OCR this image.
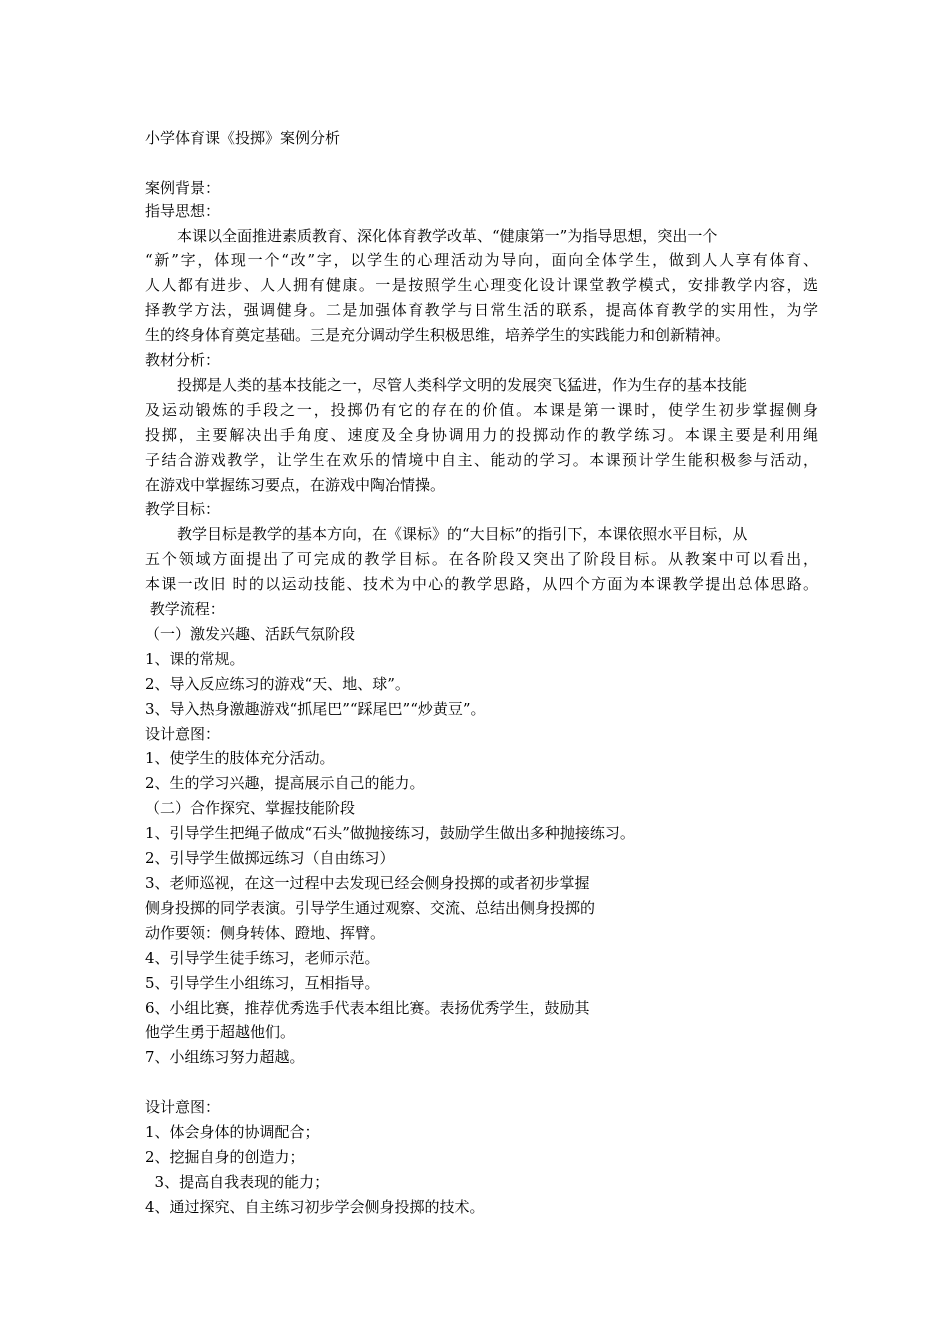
小学体育课《投掷》案例分析
案例背景：
指导思想：
本课以全面推进素质教育、深化体育教学改革、“健康第一”为指导思想，突出一个
“新”字，体现一个“改”字，以学生的心理活动为导向，面向全体学生，做到人人享有体育、
人人都有进步、人人拥有健康。一是按照学生心理变化设计课堂教学模式，安排教学内容，选
择教学方法，强调健身。二是加强体育教学与日常生活的联系，提高体育教学的实用性，为学
生的终身体育奠定基础。三是充分调动学生积极思维，培养学生的实践能力和创新精神。
教材分析：
投掷是人类的基本技能之一，尽管人类科学文明的发展突飞猛进，作为生存的基本技能
及运动锻炼的手段之一，投掷仍有它的存在的价值。本课是第一课时，使学生初步掌握侧身
投掷，主要解决出手角度、速度及全身协调用力的投掷动作的教学练习。本课主要是利用绳
子结合游戏教学，让学生在欢乐的情境中自主、能动的学习。本课预计学生能积极参与活动，
在游戏中掌握练习要点，在游戏中陶冶情操。
教学目标：
教学目标是教学的基本方向，在《课标》的“大目标”的指引下，本课依照水平目标，从
五个领域方面提出了可完成的教学目标。在各阶段又突出了阶段目标。从教案中可以看出，
本课一改旧 时的以运动技能、技术为中心的教学思路，从四个方面为本课教学提出总体思路。
教学流程：
（一）激发兴趣、活跃气氛阶段
1、课的常规。
2、导入反应练习的游戏“天、地、球”。
3、导入热身激趣游戏“抓尾巴”“踩尾巴”“炒黄豆”。
设计意图：
1、使学生的肢体充分活动。
2、生的学习兴趣，提高展示自己的能力。
（二）合作探究、掌握技能阶段
1、引导学生把绳子做成“石头”做抛接练习，鼓励学生做出多种抛接练习。
2、引导学生做掷远练习（自由练习）
3、老师巡视，在这一过程中去发现已经会侧身投掷的或者初步掌握
侧身投掷的同学表演。引导学生通过观察、交流、总结出侧身投掷的
动作要领：侧身转体、蹬地、挥臂。
4、引导学生徒手练习，老师示范。
5、引导学生小组练习，互相指导。
6、小组比赛，推荐优秀选手代表本组比赛。表扬优秀学生，鼓励其
他学生勇于超越他们。
7、小组练习努力超越。
设计意图：
1、体会身体的协调配合；
2、挖掘自身的创造力；
3、提高自我表现的能力；
4、通过探究、自主练习初步学会侧身投掷的技术。
